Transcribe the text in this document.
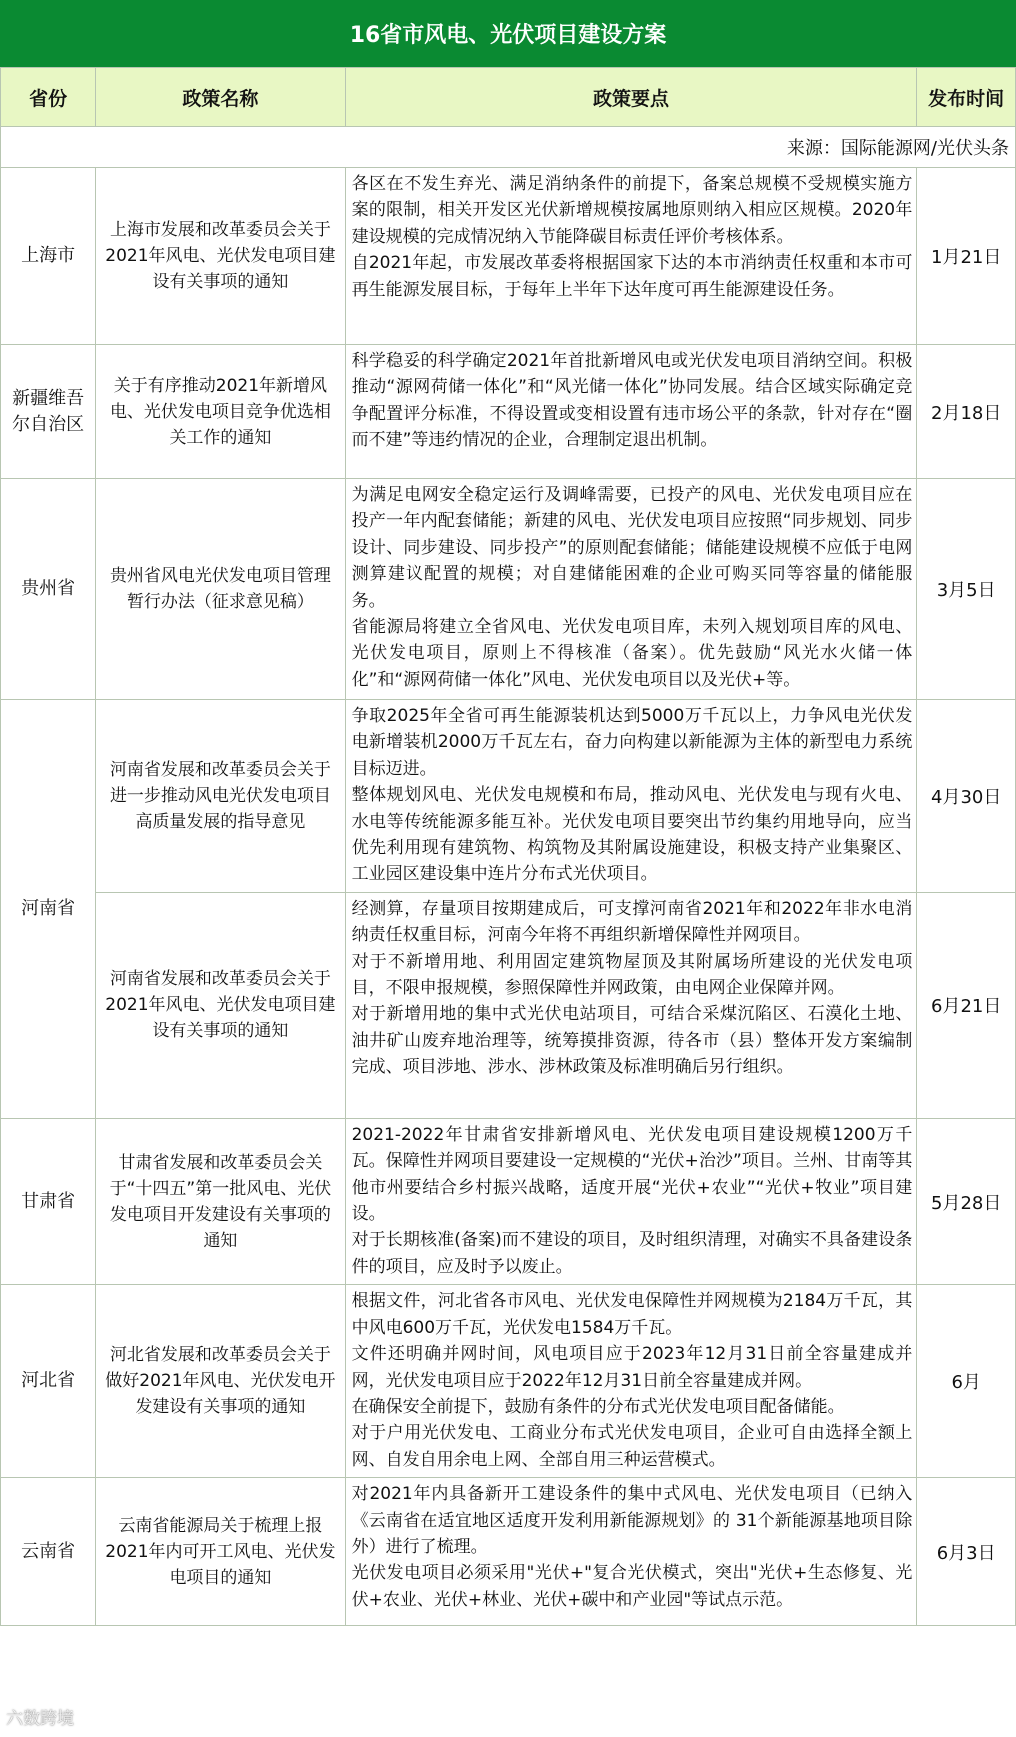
16省市风电、光伏项目建设方案
省份	政策名称	政策要点	发布时间
来源：国际能源网/光伏头条			
上海市	上海市发展和改革委员会关于2021年风电、光伏发电项目建设有关事项的通知	各区在不发生弃光、满足消纳条件的前提下，备案总规模不受规模实施方案的限制，相关开发区光伏新增规模按属地原则纳入相应区规模。2020年建设规模的完成情况纳入节能降碳目标责任评价考核体系。
自2021年起，市发展改革委将根据国家下达的本市消纳责任权重和本市可再生能源发展目标，于每年上半年下达年度可再生能源建设任务。	1月21日
新疆维吾尔自治区	关于有序推动2021年新增风电、光伏发电项目竞争优选相关工作的通知	科学稳妥的科学确定2021年首批新增风电或光伏发电项目消纳空间。积极推动“源网荷储一体化”和“风光储一体化”协同发展。结合区域实际确定竞争配置评分标准，不得设置或变相设置有违市场公平的条款，针对存在“圈而不建”等违约情况的企业，合理制定退出机制。	2月18日
贵州省	贵州省风电光伏发电项目管理暂行办法（征求意见稿）	为满足电网安全稳定运行及调峰需要，已投产的风电、光伏发电项目应在投产一年内配套储能；新建的风电、光伏发电项目应按照“同步规划、同步设计、同步建设、同步投产”的原则配套储能；储能建设规模不应低于电网测算建议配置的规模；对自建储能困难的企业可购买同等容量的储能服务。
省能源局将建立全省风电、光伏发电项目库，未列入规划项目库的风电、光伏发电项目，原则上不得核准（备案）。优先鼓励“风光水火储一体化”和“源网荷储一体化”风电、光伏发电项目以及光伏+等。	3月5日
河南省	河南省发展和改革委员会关于进一步推动风电光伏发电项目高质量发展的指导意见	争取2025年全省可再生能源装机达到5000万千瓦以上，力争风电光伏发电新增装机2000万千瓦左右，奋力向构建以新能源为主体的新型电力系统目标迈进。
整体规划风电、光伏发电规模和布局，推动风电、光伏发电与现有火电、水电等传统能源多能互补。光伏发电项目要突出节约集约用地导向，应当优先利用现有建筑物、构筑物及其附属设施建设，积极支持产业集聚区、工业园区建设集中连片分布式光伏项目。	4月30日
	河南省发展和改革委员会关于2021年风电、光伏发电项目建设有关事项的通知	经测算，存量项目按期建成后，可支撑河南省2021年和2022年非水电消纳责任权重目标，河南今年将不再组织新增保障性并网项目。
对于不新增用地、利用固定建筑物屋顶及其附属场所建设的光伏发电项目，不限申报规模，参照保障性并网政策，由电网企业保障并网。
对于新增用地的集中式光伏电站项目，可结合采煤沉陷区、石漠化土地、油井矿山废弃地治理等，统筹摸排资源，待各市（县）整体开发方案编制完成、项目涉地、涉水、涉林政策及标准明确后另行组织。	6月21日
甘肃省	甘肃省发展和改革委员会关于“十四五”第一批风电、光伏发电项目开发建设有关事项的通知	2021-2022年甘肃省安排新增风电、光伏发电项目建设规模1200万千瓦。保障性并网项目要建设一定规模的“光伏+治沙”项目。兰州、甘南等其他市州要结合乡村振兴战略，适度开展“光伏+农业”“光伏+牧业”项目建设。
对于长期核准(备案)而不建设的项目，及时组织清理，对确实不具备建设条件的项目，应及时予以废止。	5月28日
河北省	河北省发展和改革委员会关于做好2021年风电、光伏发电开发建设有关事项的通知	根据文件，河北省各市风电、光伏发电保障性并网规模为2184万千瓦，其中风电600万千瓦，光伏发电1584万千瓦。
文件还明确并网时间，风电项目应于2023年12月31日前全容量建成并网，光伏发电项目应于2022年12月31日前全容量建成并网。
在确保安全前提下，鼓励有条件的分布式光伏发电项目配备储能。
对于户用光伏发电、工商业分布式光伏发电项目，企业可自由选择全额上网、自发自用余电上网、全部自用三种运营模式。	6月
云南省	云南省能源局关于梳理上报2021年内可开工风电、光伏发电项目的通知	对2021年内具备新开工建设条件的集中式风电、光伏发电项目（已纳入《云南省在适宜地区适度开发利用新能源规划》的 31个新能源基地项目除外）进行了梳理。
光伏发电项目必须采用"光伏+"复合光伏模式，突出"光伏+生态修复、光伏+农业、光伏+林业、光伏+碳中和产业园"等试点示范。	6月3日
六数跨境
